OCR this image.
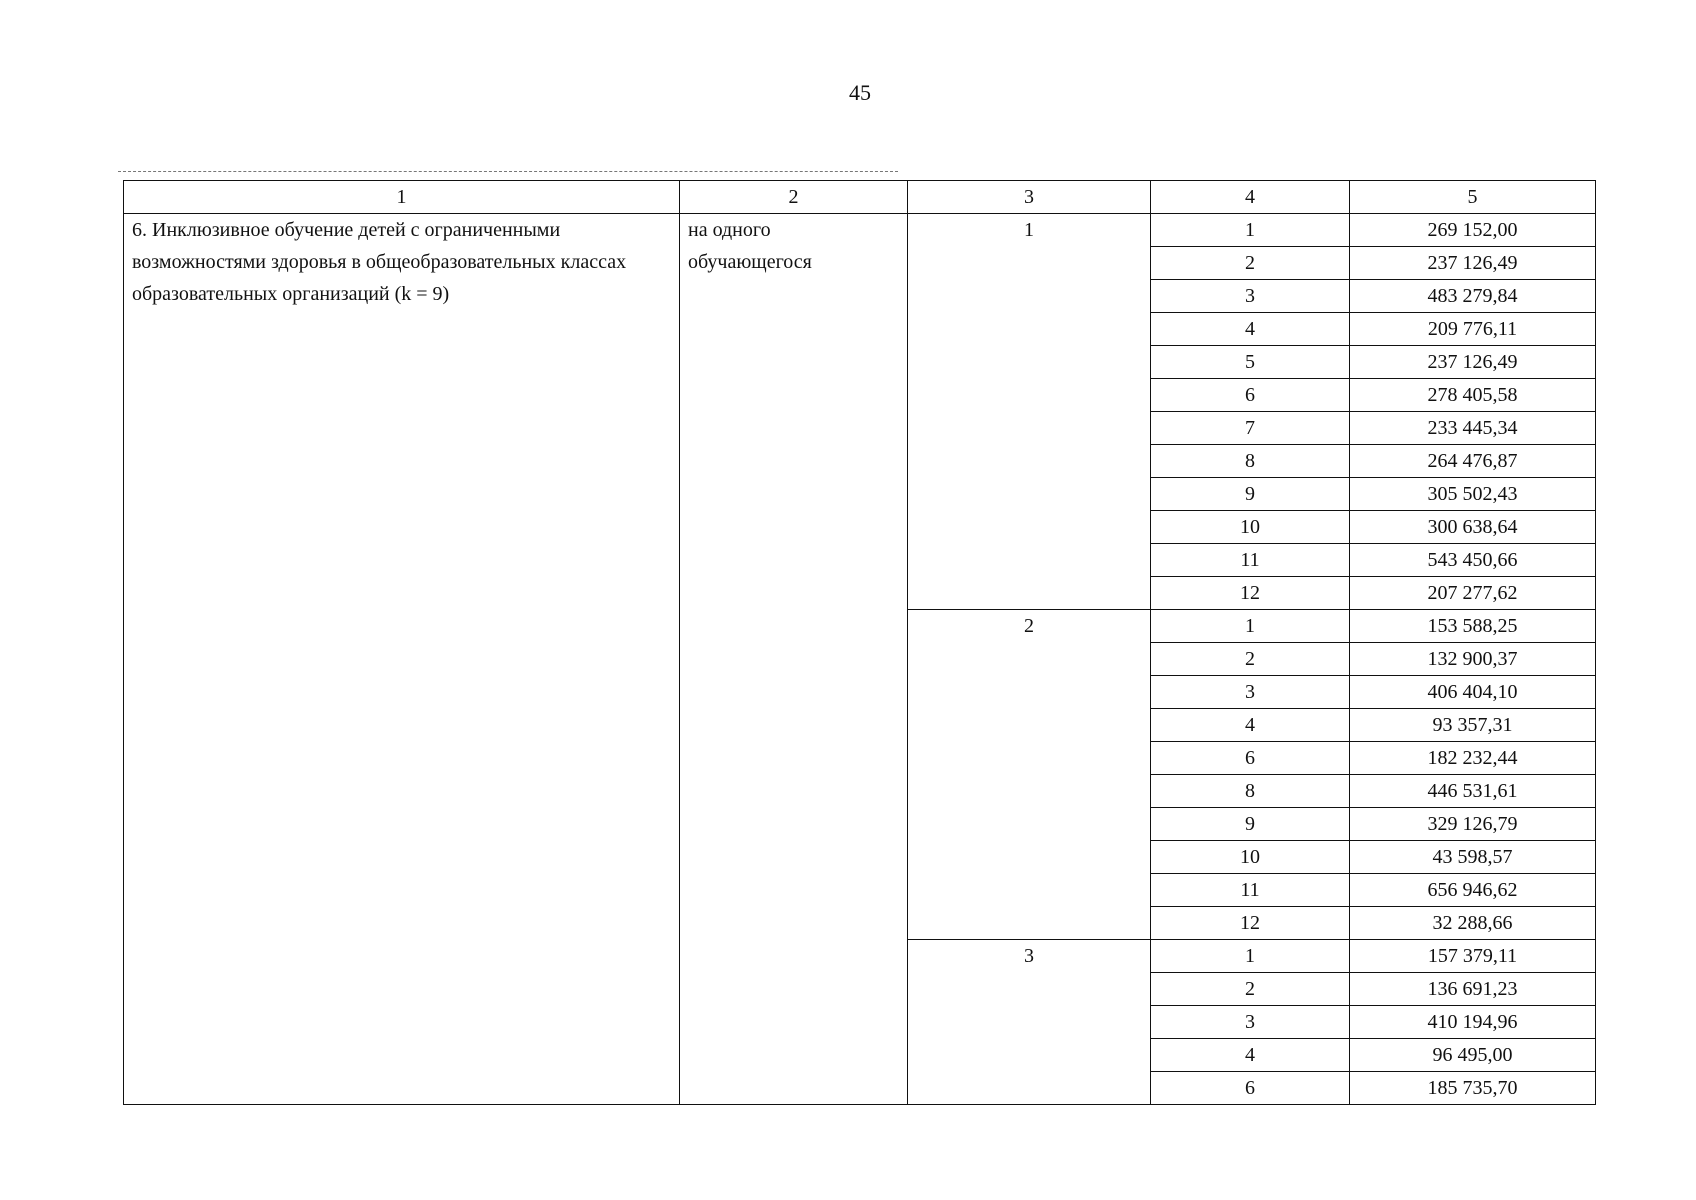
45
1	2	3	4	5
6. Инклюзивное обучение детей с ограниченными возможностями здоровья в общеобразовательных классах образовательных организаций (k = 9)	на одного обучающегося	1	1	269 152,00
			2	237 126,49
			3	483 279,84
			4	209 776,11
			5	237 126,49
			6	278 405,58
			7	233 445,34
			8	264 476,87
			9	305 502,43
			10	300 638,64
			11	543 450,66
			12	207 277,62
		2	1	153 588,25
			2	132 900,37
			3	406 404,10
			4	93 357,31
			6	182 232,44
			8	446 531,61
			9	329 126,79
			10	43 598,57
			11	656 946,62
			12	32 288,66
		3	1	157 379,11
			2	136 691,23
			3	410 194,96
			4	96 495,00
			6	185 735,70
